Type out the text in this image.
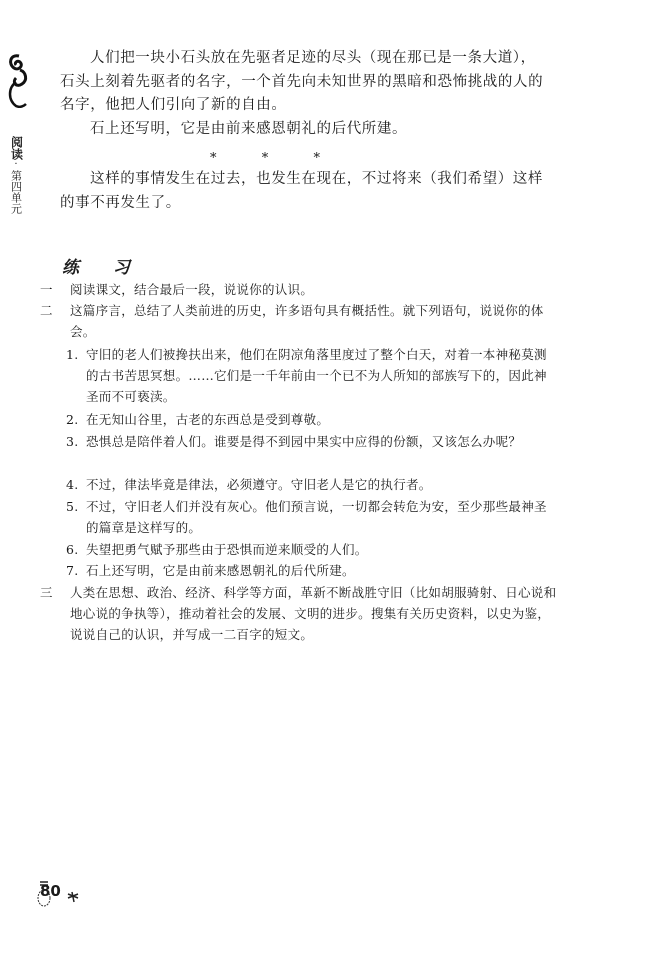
阅读
·
第四单元

人们把一块小石头放在先驱者足迹的尽头（现在那已是一条大道），石头上刻着先驱者的名字，一个首先向未知世界的黑暗和恐怖挑战的人的名字，他把人们引向了新的自由。

石上还写明，它是由前来感恩朝礼的后代所建。

*	*	*

这样的事情发生在过去，也发生在现在，不过将来（我们希望）这样的事不再发生了。

练 习
一	阅读课文，结合最后一段，说说你的认识。
二	这篇序言，总结了人类前进的历史，许多语句具有概括性。就下列语句，说说你的体会。
1. 守旧的老人们被搀扶出来，他们在阴凉角落里度过了整个白天，对着一本神秘莫测的古书苦思冥想。……它们是一千年前由一个已不为人所知的部族写下的，因此神圣而不可亵渎。
2. 在无知山谷里，古老的东西总是受到尊敬。
3. 恐惧总是陪伴着人们。谁要是得不到园中果实中应得的份额，又该怎么办呢？
4. 不过，律法毕竟是律法，必须遵守。守旧老人是它的执行者。
5. 不过，守旧老人们并没有灰心。他们预言说，一切都会转危为安，至少那些最神圣的篇章是这样写的。
6. 失望把勇气赋予那些由于恐惧而逆来顺受的人们。
7. 石上还写明，它是由前来感恩朝礼的后代所建。
三	人类在思想、政治、经济、科学等方面，革新不断战胜守旧（比如胡服骑射、日心说和地心说的争执等），推动着社会的发展、文明的进步。搜集有关历史资料，以史为鉴，说说自己的认识，并写成一二百字的短文。
80
